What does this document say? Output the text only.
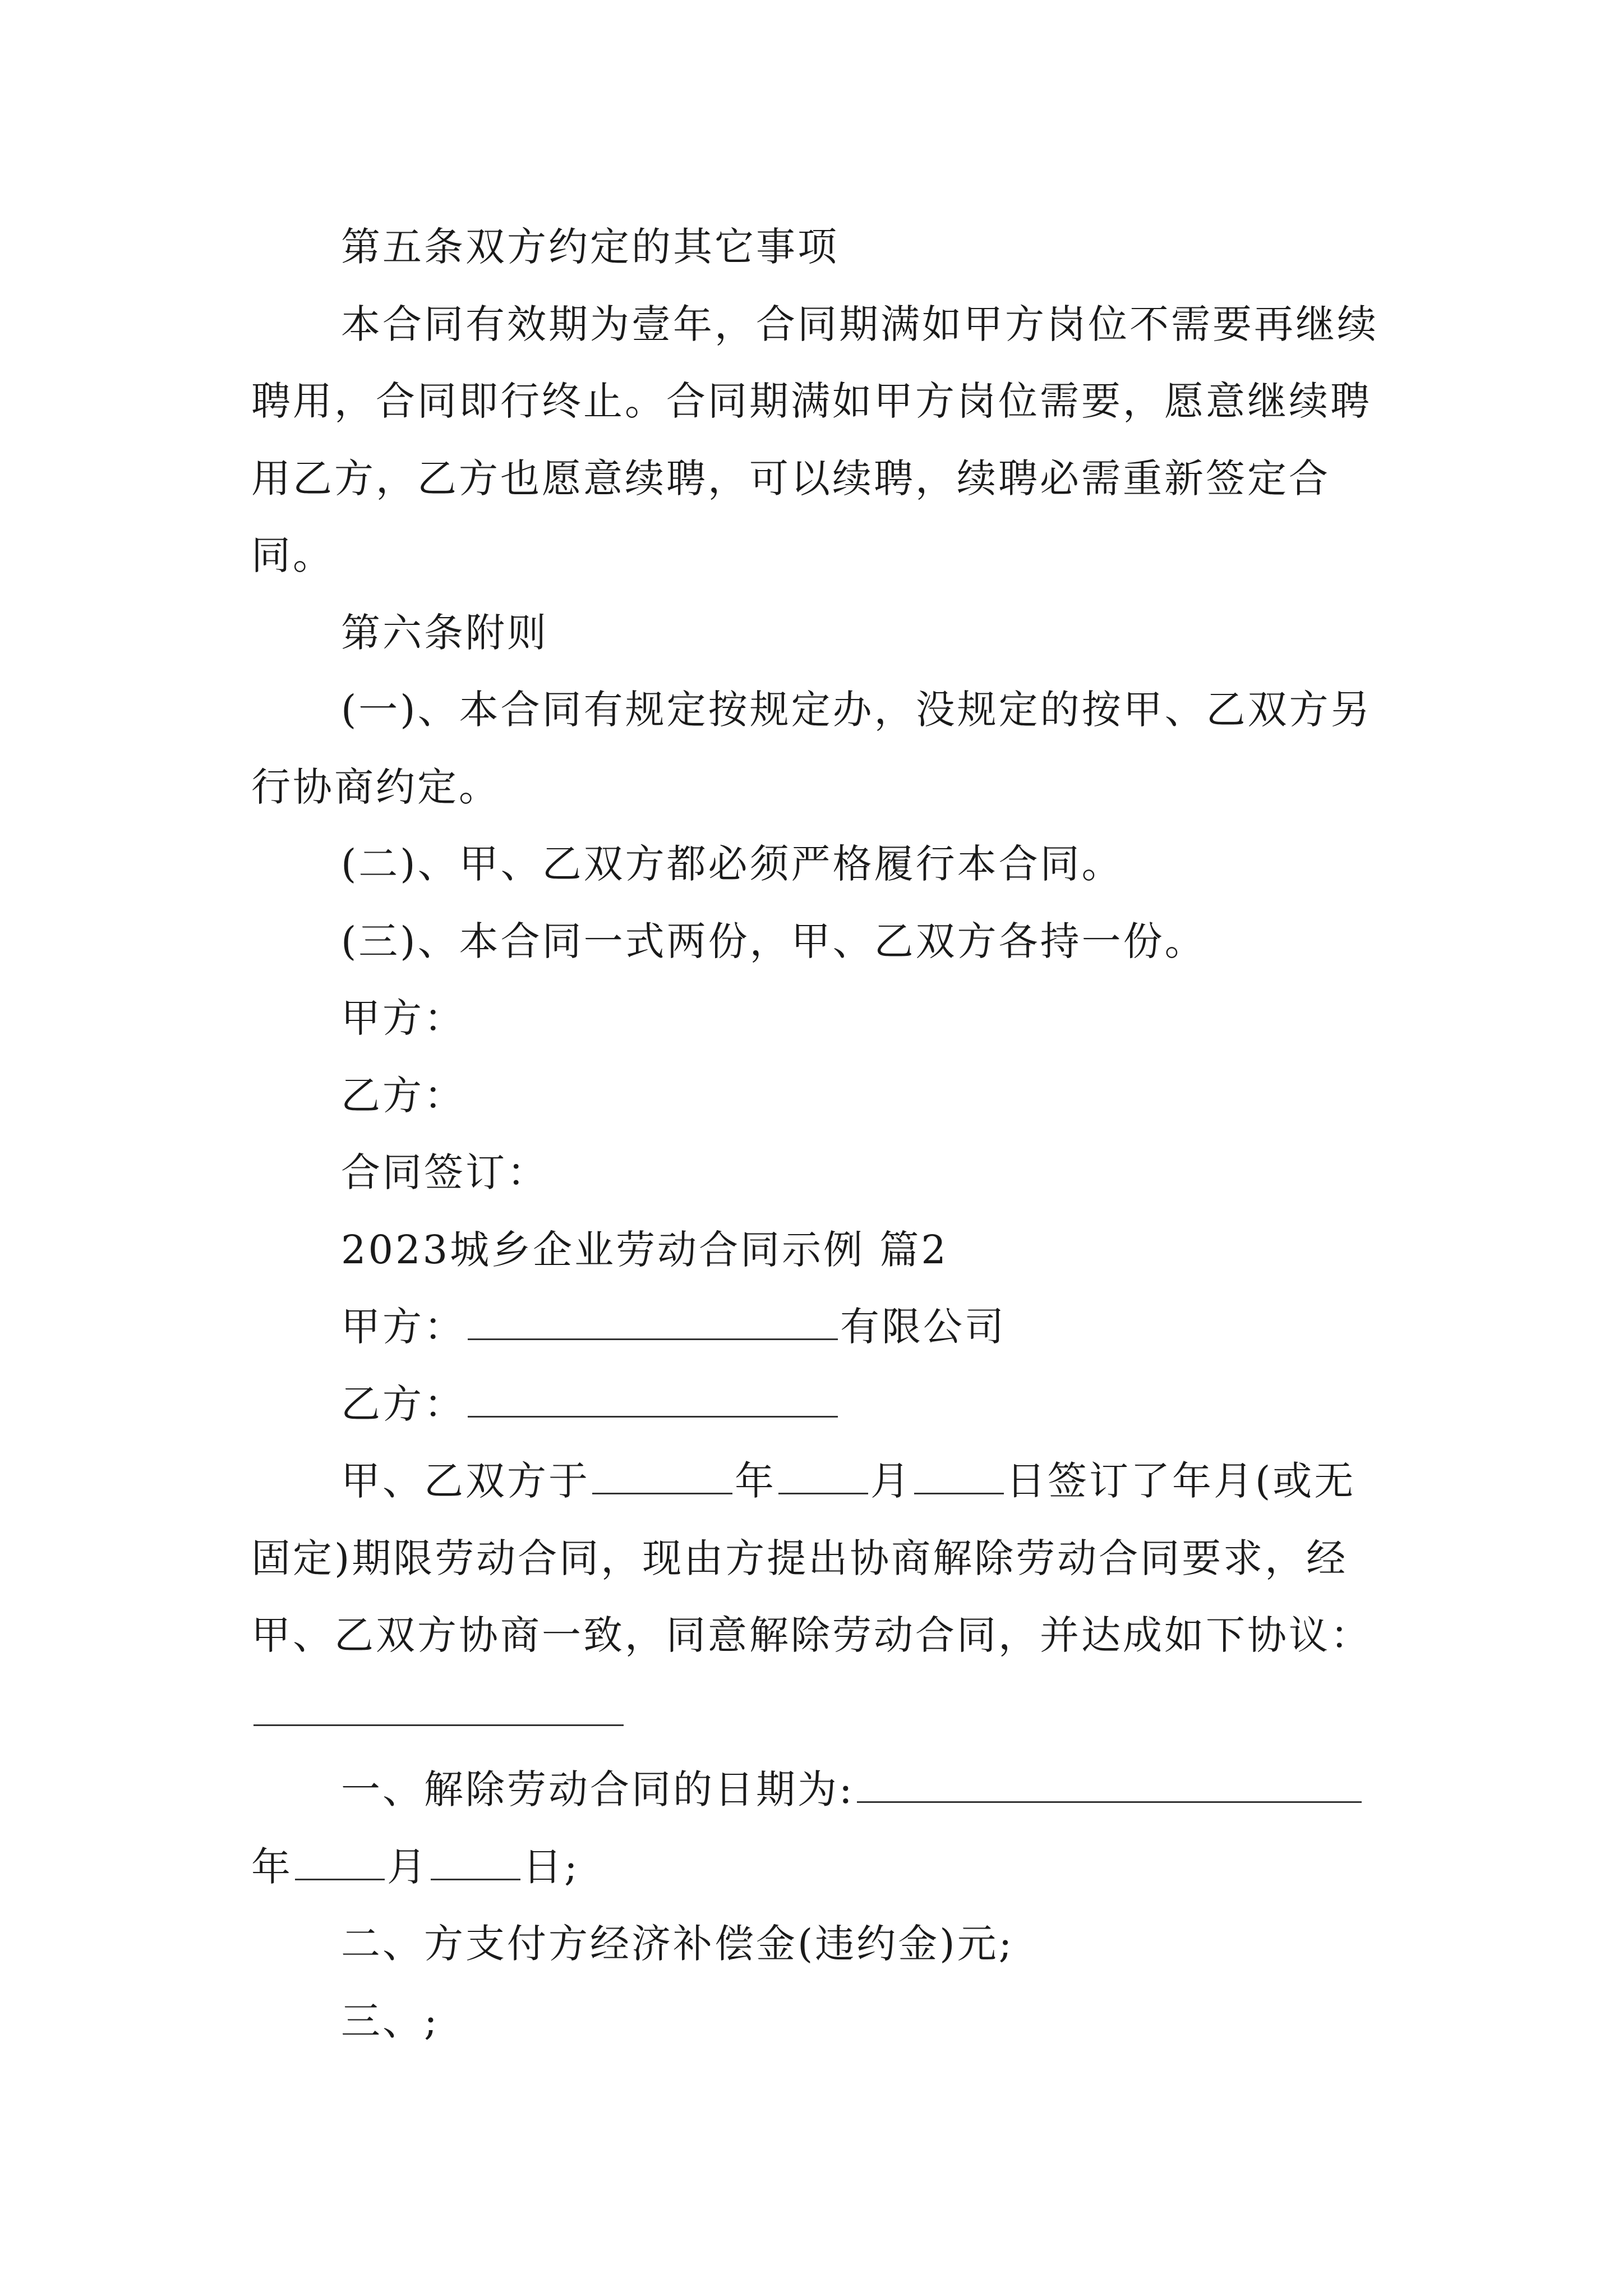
第五条双方约定的其它事项

本合同有效期为壹年，合同期满如甲方岗位不需要再继续聘用，合同即行终止。合同期满如甲方岗位需要，愿意继续聘用乙方，乙方也愿意续聘，可以续聘，续聘必需重新签定合同。

第六条附则

(一)、本合同有规定按规定办，没规定的按甲、乙双方另行协商约定。

(二)、甲、乙双方都必须严格履行本合同。

(三)、本合同一式两份，甲、乙双方各持一份。

甲方：

乙方：

合同签订：

2023城乡企业劳动合同示例 篇2

甲方：	有限公司

乙方：

甲、乙双方于	年 月 日签订了年月(或无固定)期限劳动合同，现由方提出协商解除劳动合同要求，经甲、乙双方协商一致，同意解除劳动合同，并达成如下协议：

一、解除劳动合同的日期为:年 月 日;

二、方支付方经济补偿金(违约金)元;

三、;
